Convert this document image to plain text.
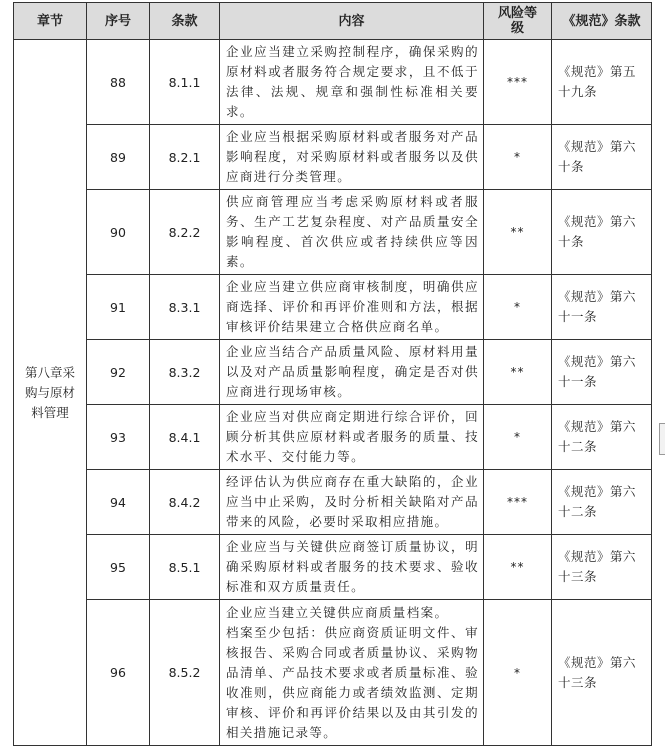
章节	序号	条款	内容	风险等级	《规范》条款
第八章采购与原材料管理	88	8.1.1	企业应当建立采购控制程序，确保采购的原材料或者服务符合规定要求，且不低于法律、法规、规章和强制性标准相关要求。	***	《规范》第五十九条
	89	8.2.1	企业应当根据采购原材料或者服务对产品影响程度，对采购原材料或者服务以及供应商进行分类管理。	*	《规范》第六十条
	90	8.2.2	供应商管理应当考虑采购原材料或者服务、生产工艺复杂程度、对产品质量安全影响程度、首次供应或者持续供应等因素。	**	《规范》第六十条
	91	8.3.1	企业应当建立供应商审核制度，明确供应商选择、评价和再评价准则和方法，根据审核评价结果建立合格供应商名单。	*	《规范》第六十一条
	92	8.3.2	企业应当结合产品质量风险、原材料用量以及对产品质量影响程度，确定是否对供应商进行现场审核。	**	《规范》第六十一条
	93	8.4.1	企业应当对供应商定期进行综合评价，回顾分析其供应原材料或者服务的质量、技术水平、交付能力等。	*	《规范》第六十二条
	94	8.4.2	经评估认为供应商存在重大缺陷的，企业应当中止采购，及时分析相关缺陷对产品带来的风险，必要时采取相应措施。	***	《规范》第六十二条
	95	8.5.1	企业应当与关键供应商签订质量协议，明确采购原材料或者服务的技术要求、验收标准和双方质量责任。	**	《规范》第六十三条
	96	8.5.2	企业应当建立关键供应商质量档案。
档案至少包括：供应商资质证明文件、审核报告、采购合同或者质量协议、采购物品清单、产品技术要求或者质量标准、验收准则，供应商能力或者绩效监测、定期审核、评价和再评价结果以及由其引发的相关措施记录等。	*	《规范》第六十三条
